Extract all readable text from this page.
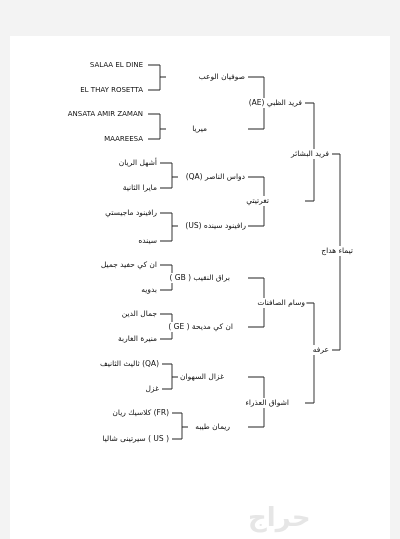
تيماء هداج
فريد البشائر
عرفه
فريد الظبي (AE)
تغرتيتي
وسام الصافنات
اشواق العذراء
صوفيان الوعب
ميريا
دواس الناصر (QA)
رافينود سينده (US)
براق النقيب ( GB )
ان كي مديحة ( GE )
غزال السهوان
ريمان طيبه
SALAA EL DINE
EL THAY ROSETTA
ANSATA AMIR ZAMAN
MAAREESA
أشهل الريان
مايرا الثانية
رافينود ماجيستي
سينده
ان كي حفيد جميل
بدويه
جمال الدين
منيرة الغاربة
(QA) ثاليث الثانيف
غزل
(FR) كلاسيك ريان
( US ) سيرتينى شاليا
حراج
